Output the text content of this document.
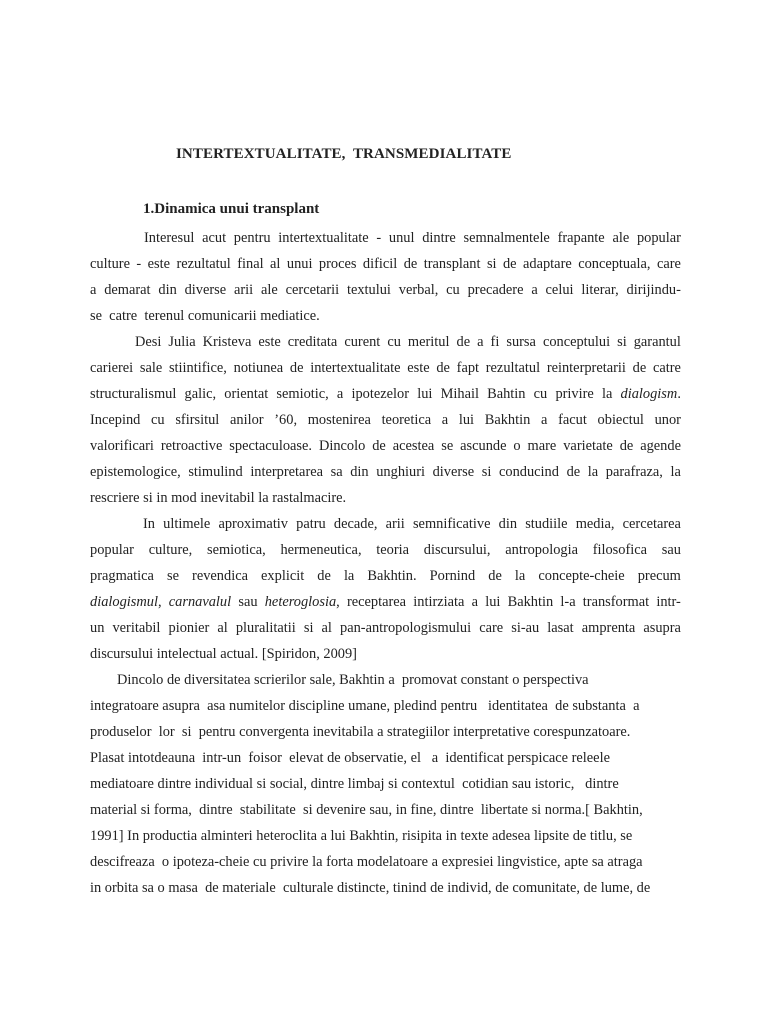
INTERTEXTUALITATE,  TRANSMEDIALITATE
1.Dinamica unui transplant
Interesul acut pentru intertextualitate - unul dintre semnalmentele frapante ale popular
culture - este rezultatul final al unui proces dificil de transplant si de adaptare conceptuala, care
a demarat din diverse arii ale cercetarii textului verbal, cu precadere a celui literar, dirijindu-
se  catre  terenul comunicarii mediatice.
Desi Julia Kristeva este creditata curent cu meritul de a fi sursa conceptului si garantul
carierei sale stiintifice, notiunea de intertextualitate este de fapt rezultatul reinterpretarii de catre
structuralismul galic, orientat semiotic, a ipotezelor lui Mihail Bahtin cu privire la dialogism.
Incepind cu sfirsitul anilor ’60, mostenirea teoretica a lui Bakhtin a facut obiectul unor
valorificari retroactive spectaculoase. Dincolo de acestea se ascunde o mare varietate de agende
epistemologice, stimulind interpretarea sa din unghiuri diverse si conducind de la parafraza, la
rescriere si in mod inevitabil la rastalmacire.
In ultimele aproximativ patru decade, arii semnificative din studiile media, cercetarea
popular culture, semiotica, hermeneutica, teoria discursului, antropologia filosofica sau
pragmatica se revendica explicit de la Bakhtin. Pornind de la concepte-cheie precum
dialogismul, carnavalul sau heteroglosia, receptarea intirziata a lui Bakhtin l-a transformat intr-
un veritabil pionier al pluralitatii si al pan-antropologismului care si-au lasat amprenta asupra
discursului intelectual actual. [Spiridon, 2009]
Dincolo de diversitatea scrierilor sale, Bakhtin a  promovat constant o perspectiva
integratoare asupra  asa numitelor discipline umane, pledind pentru   identitatea  de substanta  a
produselor  lor  si  pentru convergenta inevitabila a strategiilor interpretative corespunzatoare.
Plasat intotdeauna  intr-un  foisor  elevat de observatie, el   a  identificat perspicace releele
mediatoare dintre individual si social, dintre limbaj si contextul  cotidian sau istoric,   dintre
material si forma,  dintre  stabilitate  si devenire sau, in fine, dintre  libertate si norma.[ Bakhtin,
1991] In productia alminteri heteroclita a lui Bakhtin, risipita in texte adesea lipsite de titlu, se
descifreaza  o ipoteza-cheie cu privire la forta modelatoare a expresiei lingvistice, apte sa atraga
in orbita sa o masa  de materiale  culturale distincte, tinind de individ, de comunitate, de lume, de
